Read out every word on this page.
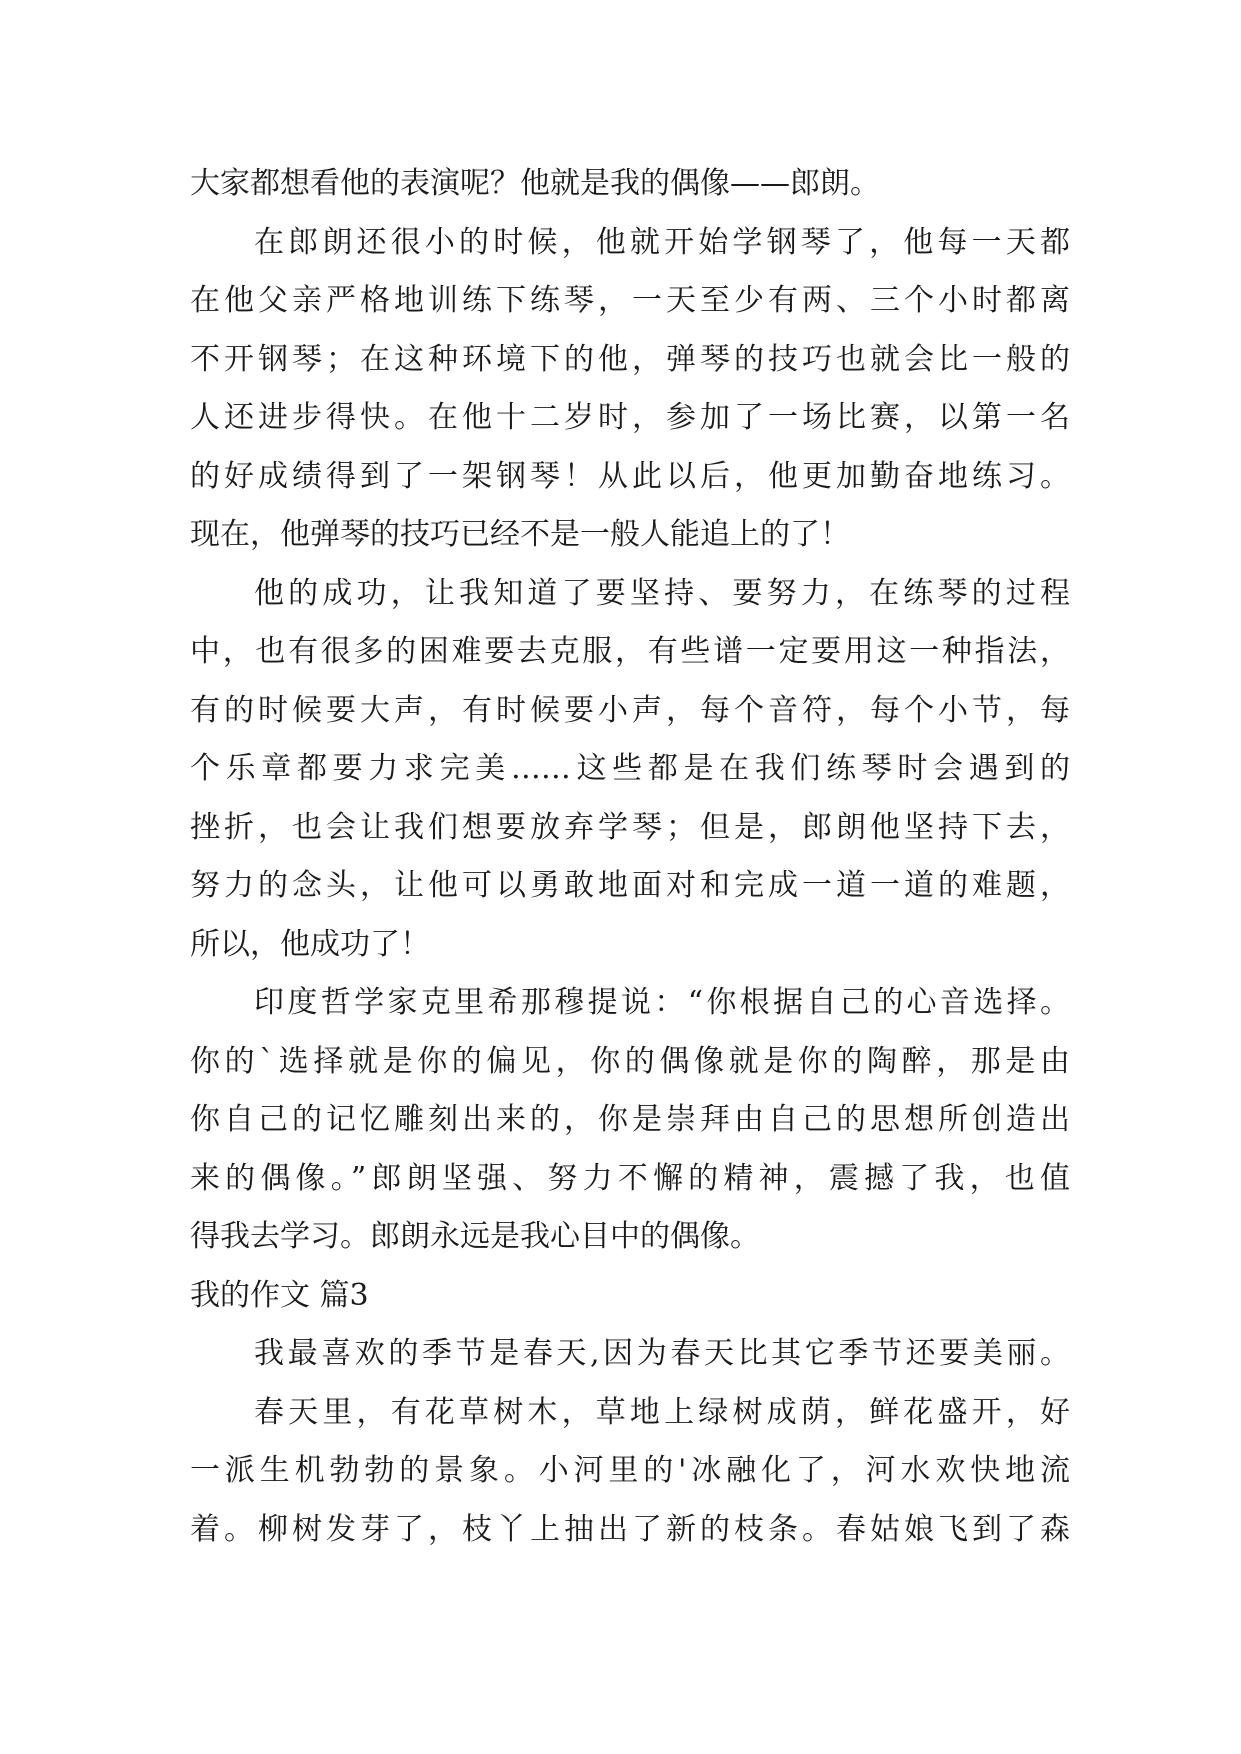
大家都想看他的表演呢？他就是我的偶像——郎朗。
在郎朗还很小的时候，他就开始学钢琴了，他每一天都
在他父亲严格地训练下练琴，一天至少有两、三个小时都离
不开钢琴；在这种环境下的他，弹琴的技巧也就会比一般的
人还进步得快。在他十二岁时，参加了一场比赛，以第一名
的好成绩得到了一架钢琴！从此以后，他更加勤奋地练习。
现在，他弹琴的技巧已经不是一般人能追上的了！
他的成功，让我知道了要坚持、要努力，在练琴的过程
中，也有很多的困难要去克服，有些谱一定要用这一种指法，
有的时候要大声，有时候要小声，每个音符，每个小节，每
个乐章都要力求完美……这些都是在我们练琴时会遇到的
挫折，也会让我们想要放弃学琴；但是，郎朗他坚持下去，
努力的念头，让他可以勇敢地面对和完成一道一道的难题，
所以，他成功了！
印度哲学家克里希那穆提说：“你根据自己的心音选择。
你的`选择就是你的偏见，你的偶像就是你的陶醉，那是由
你自己的记忆雕刻出来的，你是崇拜由自己的思想所创造出
来的偶像。”郎朗坚强、努力不懈的精神，震撼了我，也值
得我去学习。郎朗永远是我心目中的偶像。
我的作文 篇3
我最喜欢的季节是春天,因为春天比其它季节还要美丽。
春天里，有花草树木，草地上绿树成荫，鲜花盛开，好
一派生机勃勃的景象。小河里的'冰融化了，河水欢快地流
着。柳树发芽了，枝丫上抽出了新的枝条。春姑娘飞到了森
